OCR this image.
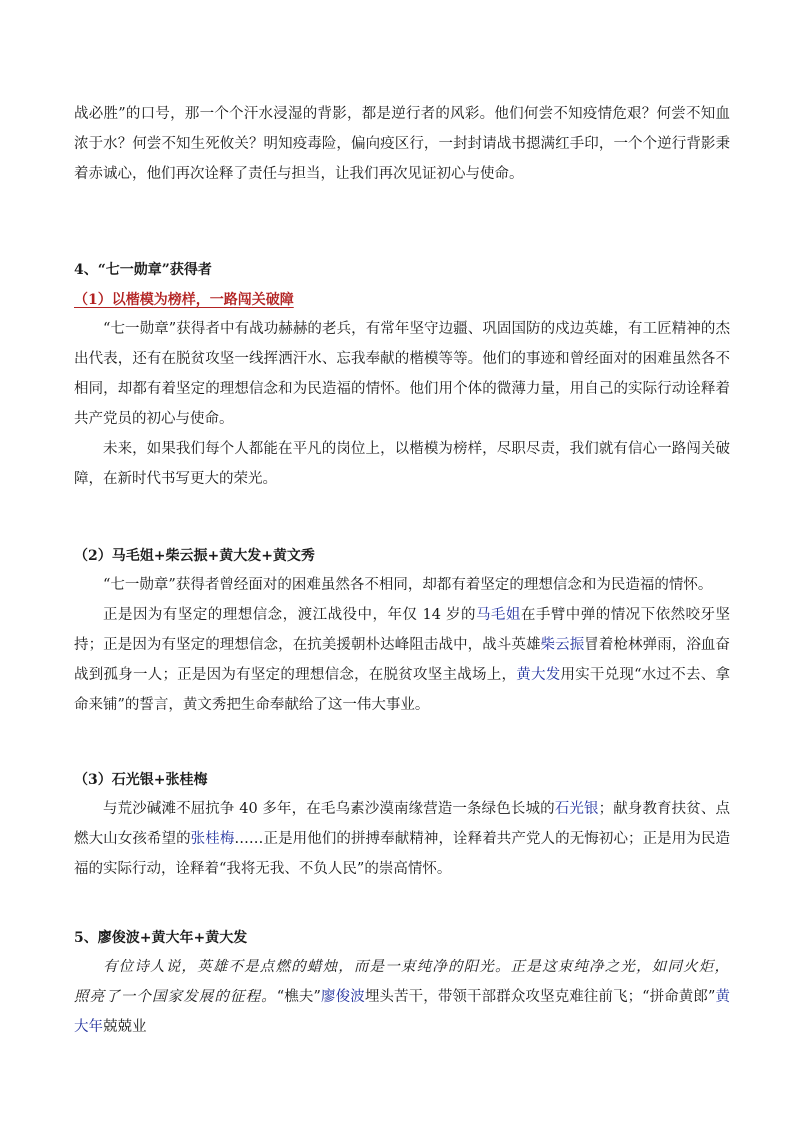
战必胜”的口号，那一个个汗水浸湿的背影，都是逆行者的风彩。他们何尝不知疫情危艰？何尝不知血浓于水？何尝不知生死攸关？明知疫毒险，偏向疫区行，一封封请战书摁满红手印，一个个逆行背影秉着赤诚心，他们再次诠释了责任与担当，让我们再次见证初心与使命。

4、“七一勋章”获得者

（1）以楷模为榜样，一路闯关破障

“七一勋章”获得者中有战功赫赫的老兵，有常年坚守边疆、巩固国防的戍边英雄，有工匠精神的杰出代表，还有在脱贫攻坚一线挥洒汗水、忘我奉献的楷模等等。他们的事迹和曾经面对的困难虽然各不相同，却都有着坚定的理想信念和为民造福的情怀。他们用个体的微薄力量，用自己的实际行动诠释着共产党员的初心与使命。

未来，如果我们每个人都能在平凡的岗位上，以楷模为榜样，尽职尽责，我们就有信心一路闯关破障，在新时代书写更大的荣光。

（2）马毛姐+柴云振+黄大发+黄文秀

“七一勋章”获得者曾经面对的困难虽然各不相同，却都有着坚定的理想信念和为民造福的情怀。

正是因为有坚定的理想信念，渡江战役中，年仅 14 岁的马毛姐在手臂中弹的情况下依然咬牙坚持；正是因为有坚定的理想信念，在抗美援朝朴达峰阻击战中，战斗英雄柴云振冒着枪林弹雨，浴血奋战到孤身一人；正是因为有坚定的理想信念，在脱贫攻坚主战场上，黄大发用实干兑现“水过不去、拿命来铺”的誓言，黄文秀把生命奉献给了这一伟大事业。

（3）石光银+张桂梅

与荒沙碱滩不屈抗争 40 多年，在毛乌素沙漠南缘营造一条绿色长城的石光银；献身教育扶贫、点燃大山女孩希望的张桂梅……正是用他们的拼搏奉献精神，诠释着共产党人的无悔初心；正是用为民造福的实际行动，诠释着“我将无我、不负人民”的崇高情怀。

5、廖俊波+黄大年+黄大发

有位诗人说，英雄不是点燃的蜡烛，而是一束纯净的阳光。正是这束纯净之光，如同火炬，照亮了一个国家发展的征程。“樵夫”廖俊波埋头苦干，带领干部群众攻坚克难往前飞；“拼命黄郎”黄大年兢兢业
